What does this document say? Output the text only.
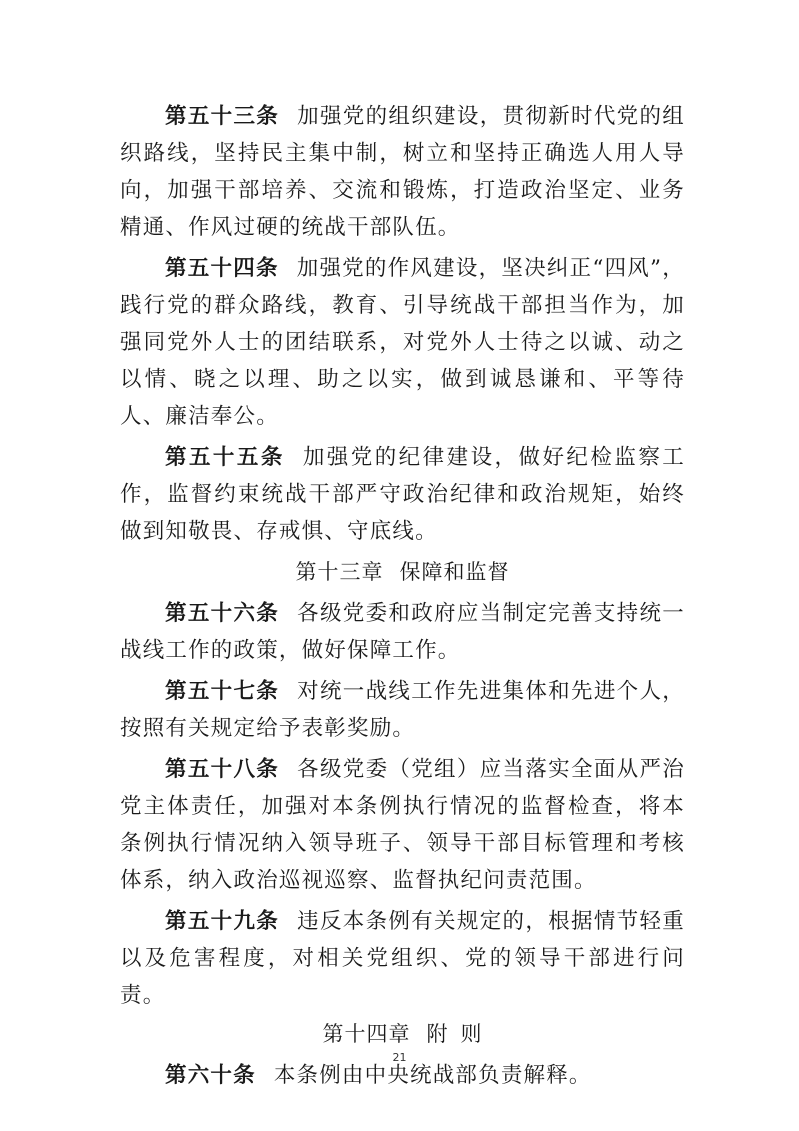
第五十三条 加强党的组织建设，贯彻新时代党的组织路线，坚持民主集中制，树立和坚持正确选人用人导向，加强干部培养、交流和锻炼，打造政治坚定、业务精通、作风过硬的统战干部队伍。

第五十四条 加强党的作风建设，坚决纠正“四风”，践行党的群众路线，教育、引导统战干部担当作为，加强同党外人士的团结联系，对党外人士待之以诚、动之以情、晓之以理、助之以实，做到诚恳谦和、平等待人、廉洁奉公。

第五十五条 加强党的纪律建设，做好纪检监察工作，监督约束统战干部严守政治纪律和政治规矩，始终做到知敬畏、存戒惧、守底线。

第十三章 保障和监督

第五十六条 各级党委和政府应当制定完善支持统一战线工作的政策，做好保障工作。

第五十七条 对统一战线工作先进集体和先进个人，按照有关规定给予表彰奖励。

第五十八条 各级党委（党组）应当落实全面从严治党主体责任，加强对本条例执行情况的监督检查，将本条例执行情况纳入领导班子、领导干部目标管理和考核体系，纳入政治巡视巡察、监督执纪问责范围。

第五十九条 违反本条例有关规定的，根据情节轻重以及危害程度，对相关党组织、党的领导干部进行问责。

第十四章 附 则

第六十条 本条例由中央统战部负责解释。

21
